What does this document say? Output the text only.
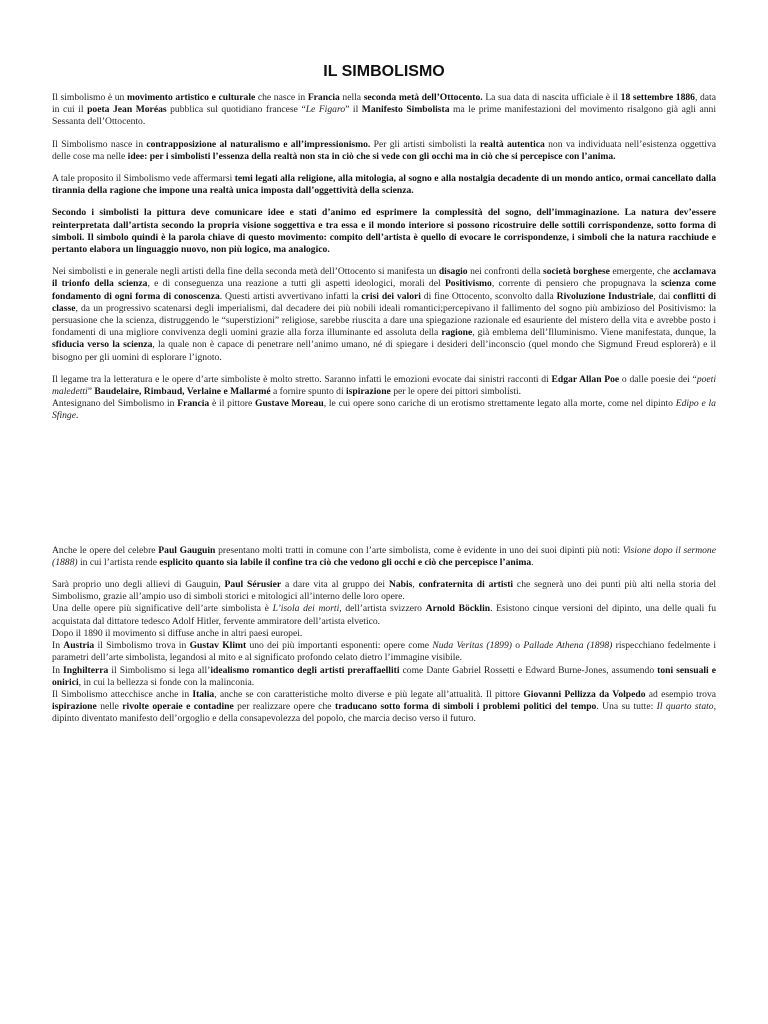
IL SIMBOLISMO

Il simbolismo è un movimento artistico e culturale che nasce in Francia nella seconda metà dell’Ottocento. La sua data di nascita ufficiale è il 18 settembre 1886, data in cui il poeta Jean Moréas pubblica sul quotidiano francese “Le Figaro” il Manifesto Simbolista ma le prime manifestazioni del movimento risalgono già agli anni Sessanta dell’Ottocento.

Il Simbolismo nasce in contrapposizione al naturalismo e all’impressionismo. Per gli artisti simbolisti la realtà autentica non va individuata nell’esistenza oggettiva delle cose ma nelle idee: per i simbolisti l’essenza della realtà non sta in ciò che si vede con gli occhi ma in ciò che si percepisce con l’anima.

A tale proposito il Simbolismo vede affermarsi temi legati alla religione, alla mitologia, al sogno e alla nostalgia decadente di un mondo antico, ormai cancellato dalla tirannia della ragione che impone una realtà unica imposta dall’oggettività della scienza.

Secondo i simbolisti la pittura deve comunicare idee e stati d’animo ed esprimere la complessità del sogno, dell’immaginazione. La natura dev’essere reinterpretata dall’artista secondo la propria visione soggettiva e tra essa e il mondo interiore si possono ricostruire delle sottili corrispondenze, sotto forma di simboli. Il simbolo quindi è la parola chiave di questo movimento: compito dell’artista è quello di evocare le corrispondenze, i simboli che la natura racchiude e pertanto elabora un linguaggio nuovo, non più logico, ma analogico.

Nei simbolisti e in generale negli artisti della fine della seconda metà dell’Ottocento si manifesta un disagio nei confronti della società borghese emergente, che acclamava il trionfo della scienza, e di conseguenza una reazione a tutti gli aspetti ideologici, morali del Positivismo, corrente di pensiero che propugnava la scienza come fondamento di ogni forma di conoscenza. Questi artisti avvertivano infatti la crisi dei valori di fine Ottocento, sconvolto dalla Rivoluzione Industriale, dai conflitti di classe, da un progressivo scatenarsi degli imperialismi, dal decadere dei più nobili ideali romantici;percepivano il fallimento del sogno più ambizioso del Positivismo: la persuasione che la scienza, distruggendo le “superstizioni” religiose, sarebbe riuscita a dare una spiegazione razionale ed esauriente del mistero della vita e avrebbe posto i fondamenti di una migliore convivenza degli uomini grazie alla forza illuminante ed assoluta della ragione, già emblema dell’Illuminismo. Viene manifestata, dunque, la sfiducia verso la scienza, la quale non è capace di penetrare nell’animo umano, né di spiegare i desideri dell’inconscio (quel mondo che Sigmund Freud esplorerà) e il bisogno per gli uomini di esplorare l’ignoto.

Il legame tra la letteratura e le opere d’arte simboliste è molto stretto. Saranno infatti le emozioni evocate dai sinistri racconti di Edgar Allan Poe o dalle poesie dei “poeti maledetti” Baudelaire, Rimbaud, Verlaine e Mallarmé a fornire spunto di ispirazione per le opere dei pittori simbolisti.

Antesignano del Simbolismo in Francia è il pittore Gustave Moreau, le cui opere sono cariche di un erotismo strettamente legato alla morte, come nel dipinto Edipo e la Sfinge.

Anche le opere del celebre Paul Gauguin presentano molti tratti in comune con l’arte simbolista, come è evidente in uno dei suoi dipinti più noti: Visione dopo il sermone (1888) in cui l’artista rende esplicito quanto sia labile il confine tra ciò che vedono gli occhi e ciò che percepisce l’anima.

Sarà proprio uno degli allievi di Gauguin, Paul Sérusier a dare vita al gruppo dei Nabis, confraternita di artisti che segnerà uno dei punti più alti nella storia del Simbolismo, grazie all’ampio uso di simboli storici e mitologici all’interno delle loro opere.

Una delle opere più significative dell’arte simbolista è L’isola dei morti, dell’artista svizzero Arnold Böcklin. Esistono cinque versioni del dipinto, una delle quali fu acquistata dal dittatore tedesco Adolf Hitler, fervente ammiratore dell’artista elvetico.

Dopo il 1890 il movimento si diffuse anche in altri paesi europei.

In Austria il Simbolismo trova in Gustav Klimt uno dei più importanti esponenti: opere come Nuda Veritas (1899) o Pallade Athena (1898) rispecchiano fedelmente i parametri dell’arte simbolista, legandosi al mito e al significato profondo celato dietro l’immagine visibile.

In Inghilterra il Simbolismo si lega all’idealismo romantico degli artisti preraffaelliti come Dante Gabriel Rossetti e Edward Burne-Jones, assumendo toni sensuali e onirici, in cui la bellezza si fonde con la malinconia.

Il Simbolismo attecchisce anche in Italia, anche se con caratteristiche molto diverse e più legate all’attualità. Il pittore Giovanni Pellizza da Volpedo ad esempio trova ispirazione nelle rivolte operaie e contadine per realizzare opere che traducano sotto forma di simboli i problemi politici del tempo. Una su tutte: Il quarto stato, dipinto diventato manifesto dell’orgoglio e della consapevolezza del popolo, che marcia deciso verso il futuro.
